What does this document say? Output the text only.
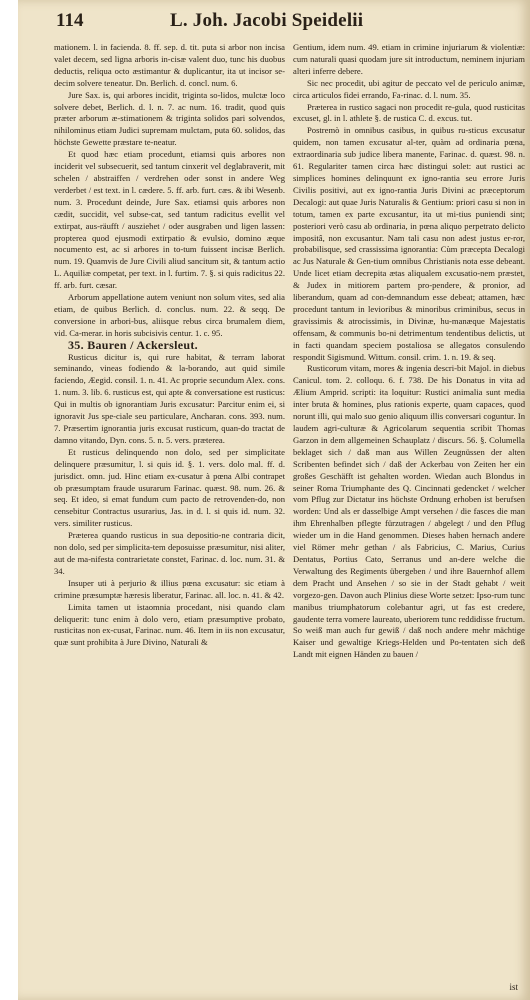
114	L. Joh. Jacobi Speidelii

mationem. l. in facienda. 8. ff. sep. d. tit. puta si arbor non incisa valet decem, sed ligna arboris in-cisæ valent duo, tunc his duobus deductis, reliqua octo æstimantur & duplicantur, ita ut incisor se-decim solvere teneatur. Dn. Berlich. d. concl. num. 6.

Jure Sax. is, qui arbores incidit, triginta so-lidos, mulctæ loco solvere debet, Berlich. d. l. n. 7. ac num. 16. tradit, quod quis præter arborum æ-stimationem & triginta solidos pari solvendos, nihilominus etiam Judici supremam mulctam, puta 60. solidos, das höchste Gewette præstare te-neatur.

Et quod hæc etiam procedunt, etiamsi quis arbores non inciderit vel subsecuerit, sed tantum cinxerit vel deglabraverit, mit schelen / abstraiffen / verdrehen oder sonst in andere Weg verderbet / est text. in l. cædere. 5. ff. arb. furt. cæs. & ibi Wesenb. num. 3. Procedunt deinde, Jure Sax. etiamsi quis arbores non cædit, succidit, vel subse-cat, sed tantum radicitus evellit vel extirpat, aus-räufft / ausziehet / oder ausgraben und ligen lassen: propterea quod ejusmodi extirpatio & evulsio, domino æque nocumento est, ac si arbores in to-tum fuissent incisæ Berlich. num. 19. Quamvis de Jure Civili aliud sancitum sit, & tantum actio L. Aquiliæ competat, per text. in l. furtim. 7. §. si quis radicitus 22. ff. arb. furt. cæsar.

Arborum appellatione autem veniunt non solum vites, sed alia etiam, de quibus Berlich. d. conclus. num. 22. & seqq. De conversione in arbori-bus, aliisque rebus circa brumalem diem, vid. Ca-merar. in horis subcisivis centur. 1. c. 95.

35. Bauren / Ackersleut.

Rusticus dicitur is, qui rure habitat, & terram laborat seminando, vineas fodiendo & la-borando, aut quid simile faciendo, Æegid. consil. 1. n. 41. Ac proprie secundum Alex. cons. 1. num. 3. lib. 6. rusticus est, qui apte & conversatione est rusticus: Qui in multis ob ignorantiam Juris excusatur: Parcitur enim ei, si ignoravit Jus spe-ciale seu particulare, Ancharan. cons. 393. num. 7. Præsertim ignorantia juris excusat rusticum, quan-do tractat de damno vitando, Dyn. cons. 5. n. 5. vers. præterea.

Et rusticus delinquendo non dolo, sed per simplicitate delinquere præsumitur, l. si quis id. §. 1. vers. dolo mal. ff. d. jurisdict. omn. jud. Hinc etiam ex-cusatur à pœna Albi contrapet ob præsumptam fraude usurarum Farinac. quæst. 98. num. 26. & seq. Et ideo, si emat fundum cum pacto de retrovenden-do, non censebitur Contractus usurarius, Jas. in d. l. si quis id. num. 32. vers. similiter rusticus.

Præterea quando rusticus in sua depositio-ne contraria dicit, non dolo, sed per simplicita-tem deposuisse præsumitur, nisi aliter, aut de ma-nifesta contrarietate constet, Farinac. d. loc. num. 31. & 34.

Insuper uti à perjurio & illius pœna excusatur: sic etiam à crimine præsumptæ hæresis liberatur, Farinac. all. loc. n. 41. & 42.

Limita tamen ut istaomnia procedant, nisi quando clam deliquerit: tunc enim à dolo vero, etiam præsumptive probato, rusticitas non ex-cusat, Farinac. num. 46. Item in iis non excusatur, quæ sunt prohibita à Jure Divino, Naturali &

Gentium, idem num. 49. etiam in crimine injuriarum & violentiæ: cum naturali quasi quodam jure sit introductum, neminem injuriam alteri inferre debere.

Sic nec procedit, ubi agitur de peccato vel de periculo animæ, circa articulos fidei errando, Fa-rinac. d. l. num. 35.

Præterea in rustico sagaci non procedit re-gula, quod rusticitas excuset, gl. in l. athlete §. de rustica C. d. excus. tut.

Postremò in omnibus casibus, in quibus ru-sticus excusatur quidem, non tamen excusatur al-ter, quàm ad ordinaria pœna, extraordinaria sub judice libera manente, Farinac. d. quæst. 98. n. 61. Regulariter tamen circa hæc distingui solet: aut rustici ac simplices homines delinquunt ex igno-rantia seu errore Juris Civilis positivi, aut ex igno-rantia Juris Divini ac præceptorum Decalogi: aut quae Juris Naturalis & Gentium: priori casu si non in totum, tamen ex parte excusantur, ita ut mi-tius puniendi sint; posteriori verò casu ab ordinaria, in pœna aliquo perpetrato delicto impositâ, non excusantur. Nam tali casu non adest justus er-ror, probabilisque, sed crassissima ignorantia: Cùm præcepta Decalogi ac Jus Naturale & Gen-tium omnibus Christianis nota esse debeant. Unde licet etiam decrepita ætas aliqualem excusatio-nem præstet, & Judex in mitiorem partem pro-pendere, & pronior, ad liberandum, quam ad con-demnandum esse debeat; attamen, hæc procedunt tantum in levioribus & minoribus criminibus, secus in gravissimis & atrocissimis, in Divinæ, hu-manæque Majestatis offensam, & communis bo-ni detrimentum tendentibus delictis, ut in facti quandam speciem postaliosa se allegatos consulendo respondit Sigismund. Wittum. consil. crim. 1. n. 19. & seq.

Rusticorum vitam, mores & ingenia descri-bit Majol. in diebus Canicul. tom. 2. colloqu. 6. f. 738. De his Donatus in vita ad Ælium Amprid. scripti: ita loquitur: Rustici animalia sunt media inter bruta & homines, plus rationis experte, quam capaces, quod norunt illi, qui malo suo genio aliquum illis conversari coguntur. In laudem agri-culturæ & Agricolarum sequentia scribit Thomas Garzon in dem allgemeinen Schauplatz / discurs. 56. §. Columella beklaget sich / daß man aus Willen Zeugnüssen der alten Scribenten befindet sich / daß der Ackerbau von Zeiten her ein großes Geschäfft ist gehalten worden. Wiedan auch Blondus in seiner Roma Triumphante des Q. Cincinnati gedencket / welcher vom Pflug zur Dictatur ins höchste Ordnung erhoben ist berufsen worden: Und als er dasselbige Ampt versehen / die fasces die man ihm Ehrenhalben pflegte fürzutragen / abgelegt / und den Pflug wieder um in die Hand genommen. Dieses haben hernach andere viel Römer mehr gethan / als Fabricius, C. Marius, Curius Dentatus, Portius Cato, Serranus und an-dere welche die Verwaltung des Regiments übergeben / und ihre Bauernhof allem dem Pracht und Ansehen / so sie in der Stadt gehabt / weit vorgezo-gen. Davon auch Plinius diese Worte setzet: Ipso-rum tunc manibus triumphatorum colebantur agri, ut fas est credere, gaudente terra vomere laureato, uberiorem tunc reddidisse fructum. So weiß man auch fur gewiß / daß noch andere mehr mächtige Kaiser und gewaltige Kriegs-Helden und Po-tentaten sich deß Landt mit eignen Händen zu bauen /

ist
